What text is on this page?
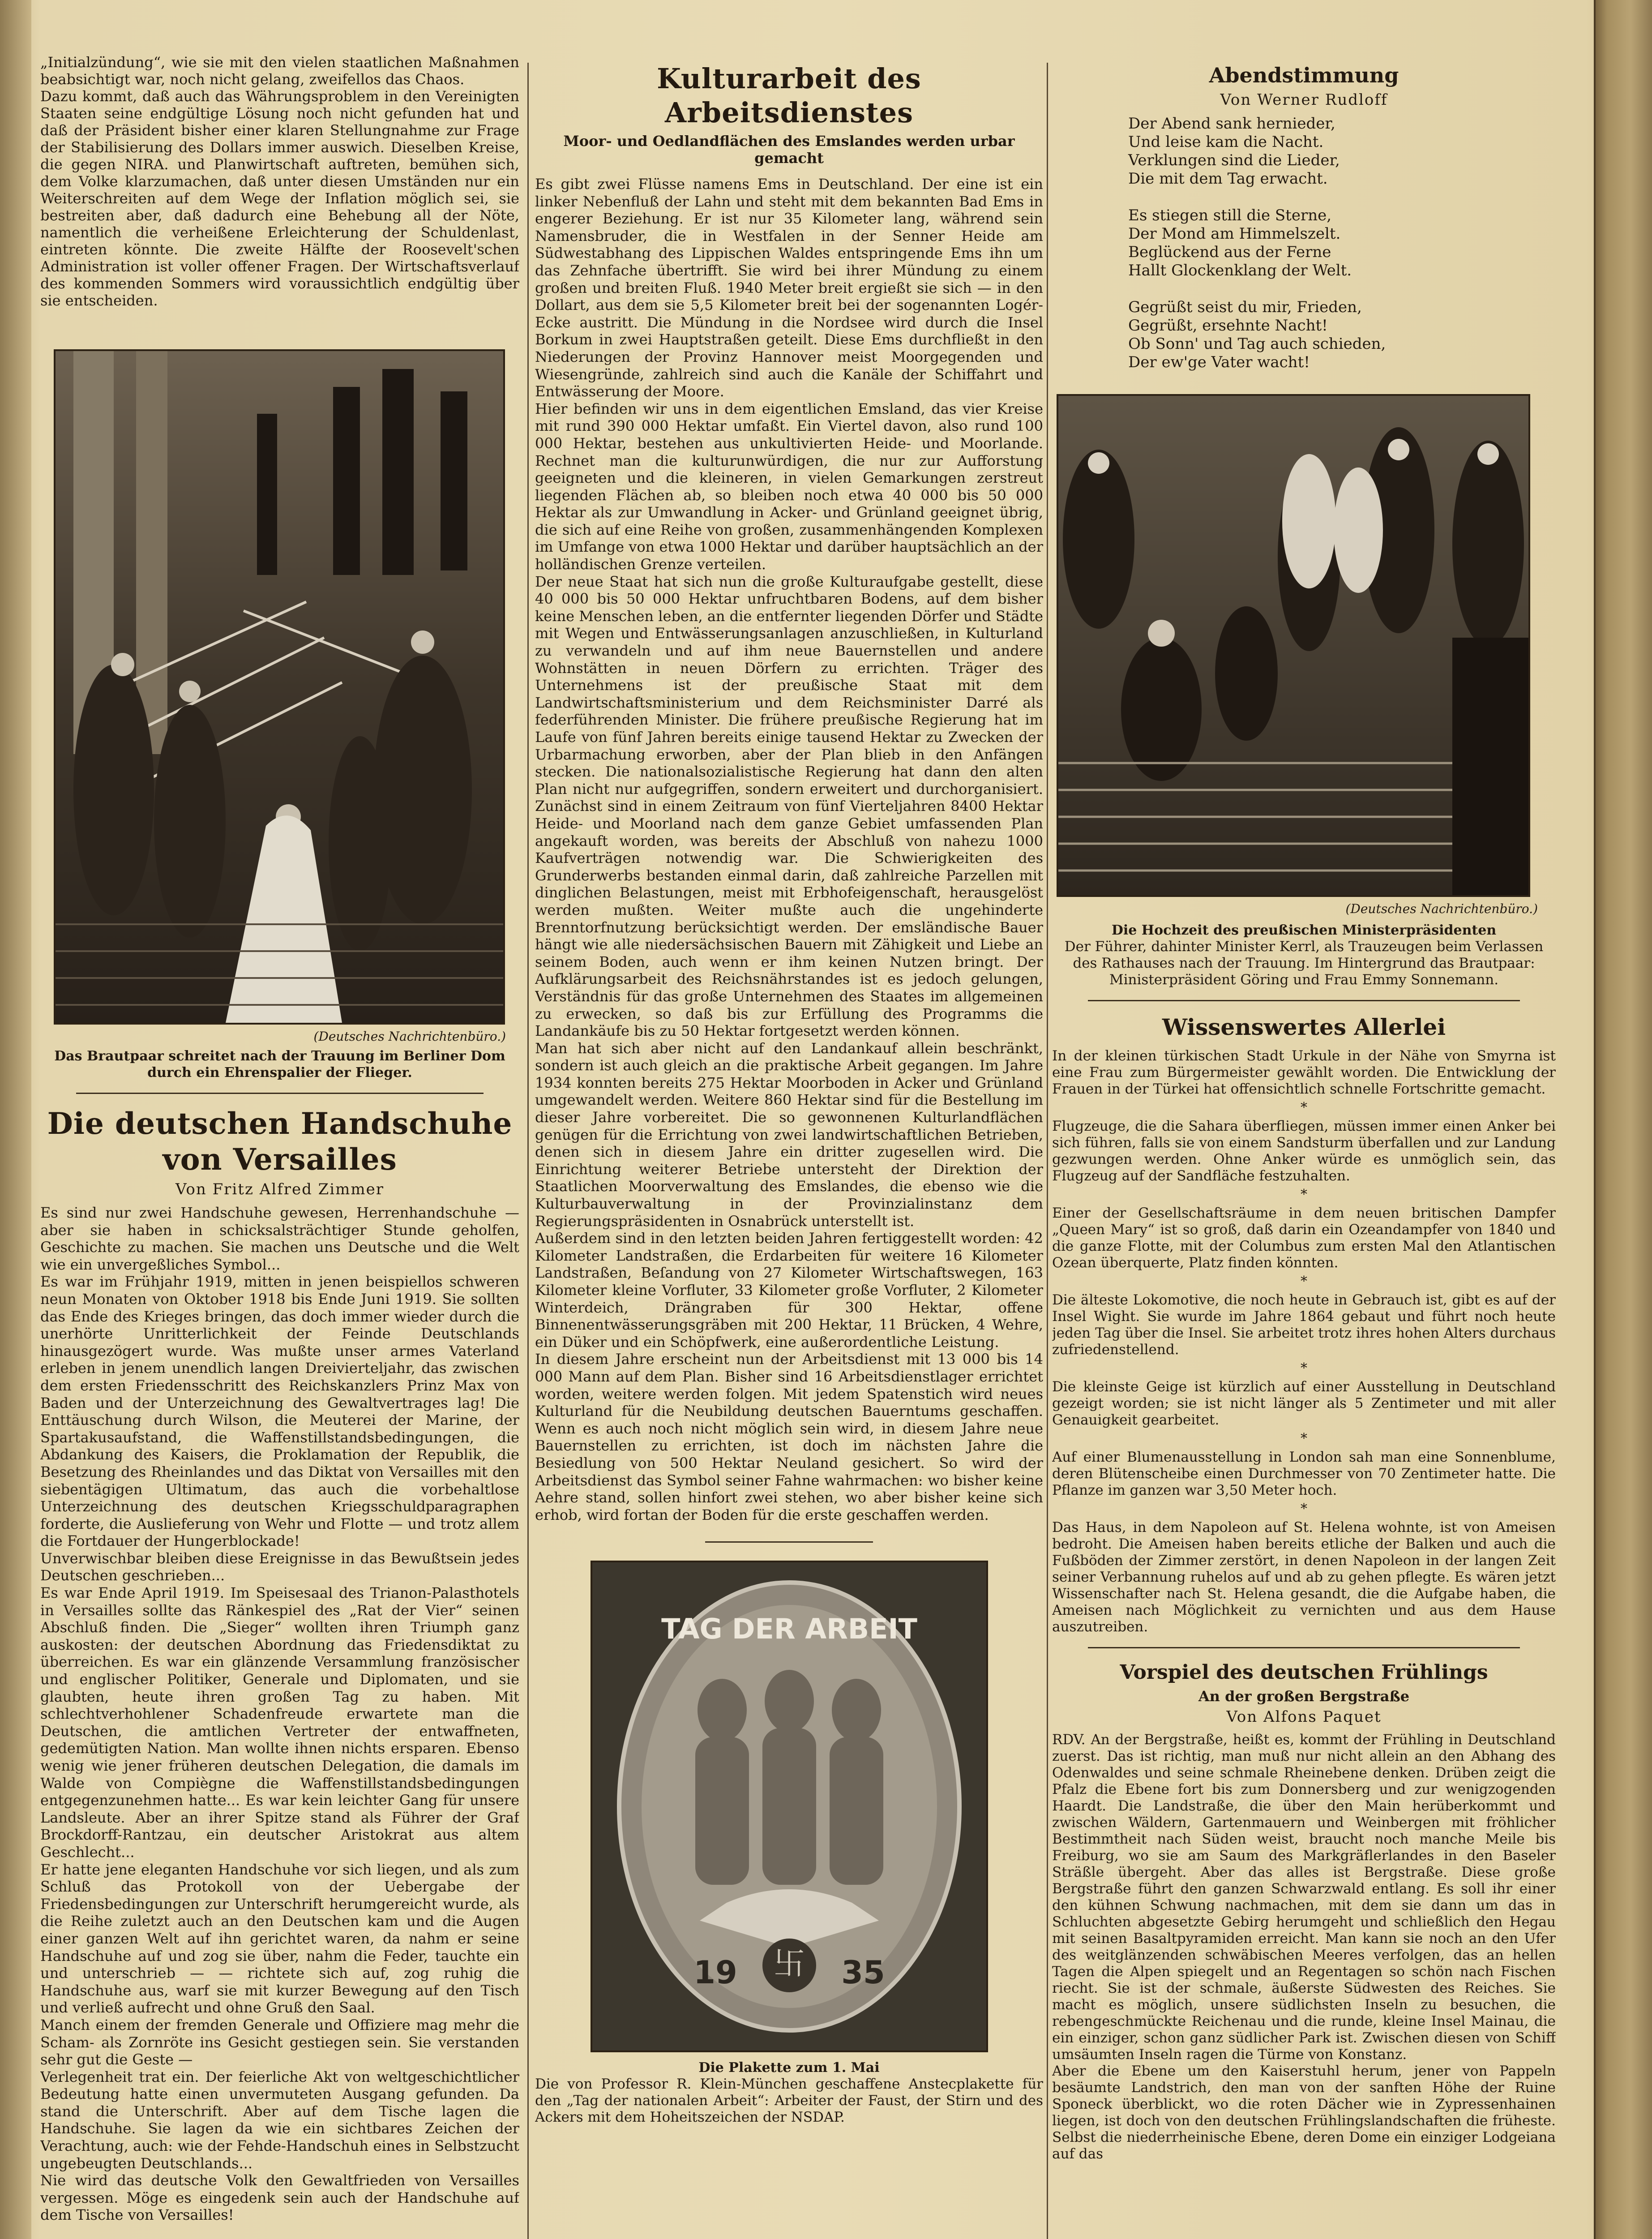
„Initialzündung“, wie sie mit den vielen staatlichen Maßnahmen beabsichtigt war, noch nicht gelang, zweifellos das Chaos.
Dazu kommt, daß auch das Währungsproblem in den Vereinigten Staaten seine endgültige Lösung noch nicht gefunden hat und daß der Präsident bisher einer klaren Stellungnahme zur Frage der Stabilisierung des Dollars immer auswich. Dieselben Kreise, die gegen NIRA. und Planwirtschaft auftreten, bemühen sich, dem Volke klarzumachen, daß unter diesen Umständen nur ein Weiterschreiten auf dem Wege der Inflation möglich sei, sie bestreiten aber, daß dadurch eine Behebung all der Nöte, namentlich die verheißene Erleichterung der Schuldenlast, eintreten könnte. Die zweite Hälfte der Roosevelt'schen Administration ist voller offener Fragen. Der Wirtschaftsverlauf des kommenden Sommers wird voraussichtlich endgültig über sie entscheiden.

(Deutsches Nachrichtenbüro.)
Das Brautpaar schreitet nach der Trauung im Berliner Dom durch ein Ehrenspalier der Flieger.
Die deutschen Handschuhe von Versailles
Von Fritz Alfred Zimmer

Es sind nur zwei Handschuhe gewesen, Herrenhandschuhe — aber sie haben in schicksalsträchtiger Stunde geholfen, Geschichte zu machen. Sie machen uns Deutsche und die Welt wie ein unvergeßliches Symbol...
Es war im Frühjahr 1919, mitten in jenen beispiellos schweren neun Monaten von Oktober 1918 bis Ende Juni 1919. Sie sollten das Ende des Krieges bringen, das doch immer wieder durch die unerhörte Unritterlichkeit der Feinde Deutschlands hinausgezögert wurde. Was mußte unser armes Vaterland erleben in jenem unendlich langen Dreivierteljahr, das zwischen dem ersten Friedensschritt des Reichskanzlers Prinz Max von Baden und der Unterzeichnung des Gewaltvertrages lag! Die Enttäuschung durch Wilson, die Meuterei der Marine, der Spartakusaufstand, die Waffenstillstandsbedingungen, die Abdankung des Kaisers, die Proklamation der Republik, die Besetzung des Rheinlandes und das Diktat von Versailles mit den siebentägigen Ultimatum, das auch die vorbehaltlose Unterzeichnung des deutschen Kriegsschuldparagraphen forderte, die Auslieferung von Wehr und Flotte — und trotz allem die Fortdauer der Hungerblockade!
Unverwischbar bleiben diese Ereignisse in das Bewußtsein jedes Deutschen geschrieben...
Es war Ende April 1919. Im Speisesaal des Trianon-Palasthotels in Versailles sollte das Ränkespiel des „Rat der Vier“ seinen Abschluß finden. Die „Sieger“ wollten ihren Triumph ganz auskosten: der deutschen Abordnung das Friedensdiktat zu überreichen. Es war ein glänzende Versammlung französischer und englischer Politiker, Generale und Diplomaten, und sie glaubten, heute ihren großen Tag zu haben. Mit schlechtverhohlener Schadenfreude erwartete man die Deutschen, die amtlichen Vertreter der entwaffneten, gedemütigten Nation. Man wollte ihnen nichts ersparen. Ebenso wenig wie jener früheren deutschen Delegation, die damals im Walde von Compiègne die Waffenstillstandsbedingungen entgegenzunehmen hatte... Es war kein leichter Gang für unsere Landsleute. Aber an ihrer Spitze stand als Führer der Graf Brockdorff-Rantzau, ein deutscher Aristokrat aus altem Geschlecht...
Er hatte jene eleganten Handschuhe vor sich liegen, und als zum Schluß das Protokoll von der Uebergabe der Friedensbedingungen zur Unterschrift herumgereicht wurde, als die Reihe zuletzt auch an den Deutschen kam und die Augen einer ganzen Welt auf ihn gerichtet waren, da nahm er seine Handschuhe auf und zog sie über, nahm die Feder, tauchte ein und unterschrieb — — richtete sich auf, zog ruhig die Handschuhe aus, warf sie mit kurzer Bewegung auf den Tisch und verließ aufrecht und ohne Gruß den Saal.
Manch einem der fremden Generale und Offiziere mag mehr die Scham- als Zornröte ins Gesicht gestiegen sein. Sie verstanden sehr gut die Geste —
Verlegenheit trat ein. Der feierliche Akt von weltgeschichtlicher Bedeutung hatte einen unvermuteten Ausgang gefunden. Da stand die Unterschrift. Aber auf dem Tische lagen die Handschuhe. Sie lagen da wie ein sichtbares Zeichen der Verachtung, auch: wie der Fehde-Handschuh eines in Selbstzucht ungebeugten Deutschlands...
Nie wird das deutsche Volk den Gewaltfrieden von Versailles vergessen. Möge es eingedenk sein auch der Handschuhe auf dem Tische von Versailles!

Kulturarbeit des Arbeitsdienstes
Moor- und Oedlandflächen des Emslandes werden urbar gemacht

Es gibt zwei Flüsse namens Ems in Deutschland. Der eine ist ein linker Nebenfluß der Lahn und steht mit dem bekannten Bad Ems in engerer Beziehung. Er ist nur 35 Kilometer lang, während sein Namensbruder, die in Westfalen in der Senner Heide am Südwestabhang des Lippischen Waldes entspringende Ems ihn um das Zehnfache übertrifft. Sie wird bei ihrer Mündung zu einem großen und breiten Fluß. 1940 Meter breit ergießt sie sich — in den Dollart, aus dem sie 5,5 Kilometer breit bei der sogenannten Logér-Ecke austritt. Die Mündung in die Nordsee wird durch die Insel Borkum in zwei Hauptstraßen geteilt. Diese Ems durchfließt in den Niederungen der Provinz Hannover meist Moorgegenden und Wiesengründe, zahlreich sind auch die Kanäle der Schiffahrt und Entwässerung der Moore.
Hier befinden wir uns in dem eigentlichen Emsland, das vier Kreise mit rund 390 000 Hektar umfaßt. Ein Viertel davon, also rund 100 000 Hektar, bestehen aus unkultivierten Heide- und Moorlande. Rechnet man die kulturunwürdigen, die nur zur Aufforstung geeigneten und die kleineren, in vielen Gemarkungen zerstreut liegenden Flächen ab, so bleiben noch etwa 40 000 bis 50 000 Hektar als zur Umwandlung in Acker- und Grünland geeignet übrig, die sich auf eine Reihe von großen, zusammenhängenden Komplexen im Umfange von etwa 1000 Hektar und darüber hauptsächlich an der holländischen Grenze verteilen.
Der neue Staat hat sich nun die große Kulturaufgabe gestellt, diese 40 000 bis 50 000 Hektar unfruchtbaren Bodens, auf dem bisher keine Menschen leben, an die entfernter liegenden Dörfer und Städte mit Wegen und Entwässerungsanlagen anzuschließen, in Kulturland zu verwandeln und auf ihm neue Bauernstellen und andere Wohnstätten in neuen Dörfern zu errichten. Träger des Unternehmens ist der preußische Staat mit dem Landwirtschaftsministerium und dem Reichsminister Darré als federführenden Minister. Die frühere preußische Regierung hat im Laufe von fünf Jahren bereits einige tausend Hektar zu Zwecken der Urbarmachung erworben, aber der Plan blieb in den Anfängen stecken. Die nationalsozialistische Regierung hat dann den alten Plan nicht nur aufgegriffen, sondern erweitert und durchorganisiert. Zunächst sind in einem Zeitraum von fünf Vierteljahren 8400 Hektar Heide- und Moorland nach dem ganze Gebiet umfassenden Plan angekauft worden, was bereits der Abschluß von nahezu 1000 Kaufverträgen notwendig war. Die Schwierigkeiten des Grunderwerbs bestanden einmal darin, daß zahlreiche Parzellen mit dinglichen Belastungen, meist mit Erbhofeigenschaft, herausgelöst werden mußten. Weiter mußte auch die ungehinderte Brenntorfnutzung berücksichtigt werden. Der emsländische Bauer hängt wie alle niedersächsischen Bauern mit Zähigkeit und Liebe an seinem Boden, auch wenn er ihm keinen Nutzen bringt. Der Aufklärungsarbeit des Reichsnährstandes ist es jedoch gelungen, Verständnis für das große Unternehmen des Staates im allgemeinen zu erwecken, so daß bis zur Erfüllung des Programms die Landankäufe bis zu 50 Hektar fortgesetzt werden können.
Man hat sich aber nicht auf den Landankauf allein beschränkt, sondern ist auch gleich an die praktische Arbeit gegangen. Im Jahre 1934 konnten bereits 275 Hektar Moorboden in Acker und Grünland umgewandelt werden. Weitere 860 Hektar sind für die Bestellung im dieser Jahre vorbereitet. Die so gewonnenen Kulturlandflächen genügen für die Errichtung von zwei landwirtschaftlichen Betrieben, denen sich in diesem Jahre ein dritter zugesellen wird. Die Einrichtung weiterer Betriebe untersteht der Direktion der Staatlichen Moorverwaltung des Emslandes, die ebenso wie die Kulturbauverwaltung in der Provinzialinstanz dem Regierungspräsidenten in Osnabrück unterstellt ist.
Außerdem sind in den letzten beiden Jahren fertiggestellt worden: 42 Kilometer Landstraßen, die Erdarbeiten für weitere 16 Kilometer Landstraßen, Beſandung von 27 Kilometer Wirtschaftswegen, 163 Kilometer kleine Vorfluter, 33 Kilometer große Vorfluter, 2 Kilometer Winterdeich, Drängraben für 300 Hektar, offene Binnenentwässerungsgräben mit 200 Hektar, 11 Brücken, 4 Wehre, ein Düker und ein Schöpfwerk, eine außerordentliche Leistung.
In diesem Jahre erscheint nun der Arbeitsdienst mit 13 000 bis 14 000 Mann auf dem Plan. Bisher sind 16 Arbeitsdienstlager errichtet worden, weitere werden folgen. Mit jedem Spatenstich wird neues Kulturland für die Neubildung deutschen Bauerntums geschaffen. Wenn es auch noch nicht möglich sein wird, in diesem Jahre neue Bauernstellen zu errichten, ist doch im nächsten Jahre die Besiedlung von 500 Hektar Neuland gesichert. So wird der Arbeitsdienst das Symbol seiner Fahne wahrmachen: wo bisher keine Aehre stand, sollen hinfort zwei stehen, wo aber bisher keine sich erhob, wird fortan der Boden für die erste geschaffen werden.

TAG DER ARBEIT
卐
19	35
Die Plakette zum 1. Mai

Die von Professor R. Klein-München geschaffene Anstecplakette für den „Tag der nationalen Arbeit“: Arbeiter der Faust, der Stirn und des Ackers mit dem Hoheitszeichen der NSDAP.

Abendstimmung
Von Werner Rudloff
Der Abend sank hernieder,
Und leise kam die Nacht.
Verklungen sind die Lieder,
Die mit dem Tag erwacht.

Es stiegen still die Sterne,
Der Mond am Himmelszelt.
Beglückend aus der Ferne
Hallt Glockenklang der Welt.

Gegrüßt seist du mir, Frieden,
Gegrüßt, ersehnte Nacht!
Ob Sonn' und Tag auch schieden,
Der ew'ge Vater wacht!
(Deutsches Nachrichtenbüro.)
Die Hochzeit des preußischen Ministerpräsidenten
Der Führer, dahinter Minister Kerrl, als Trauzeugen beim Verlassen des Rathauses nach der Trauung. Im Hintergrund das Brautpaar: Ministerpräsident Göring und Frau Emmy Sonnemann.
Wissenswertes Allerlei

In der kleinen türkischen Stadt Urkule in der Nähe von Smyrna ist eine Frau zum Bürgermeister gewählt worden. Die Entwicklung der Frauen in der Türkei hat offensichtlich schnelle Fortschritte gemacht.

*

Flugzeuge, die die Sahara überfliegen, müssen immer einen Anker bei sich führen, falls sie von einem Sandsturm überfallen und zur Landung gezwungen werden. Ohne Anker würde es unmöglich sein, das Flugzeug auf der Sandfläche festzuhalten.

*

Einer der Gesellschaftsräume in dem neuen britischen Dampfer „Queen Mary“ ist so groß, daß darin ein Ozeandampfer von 1840 und die ganze Flotte, mit der Columbus zum ersten Mal den Atlantischen Ozean überquerte, Platz finden könnten.

*

Die älteste Lokomotive, die noch heute in Gebrauch ist, gibt es auf der Insel Wight. Sie wurde im Jahre 1864 gebaut und führt noch heute jeden Tag über die Insel. Sie arbeitet trotz ihres hohen Alters durchaus zufriedenstellend.

*

Die kleinste Geige ist kürzlich auf einer Ausstellung in Deutschland gezeigt worden; sie ist nicht länger als 5 Zentimeter und mit aller Genauigkeit gearbeitet.

*

Auf einer Blumenausstellung in London sah man eine Sonnenblume, deren Blütenscheibe einen Durchmesser von 70 Zentimeter hatte. Die Pflanze im ganzen war 3,50 Meter hoch.

*

Das Haus, in dem Napoleon auf St. Helena wohnte, ist von Ameisen bedroht. Die Ameisen haben bereits etliche der Balken und auch die Fußböden der Zimmer zerstört, in denen Napoleon in der langen Zeit seiner Verbannung ruhelos auf und ab zu gehen pflegte. Es wären jetzt Wissenschafter nach St. Helena gesandt, die die Aufgabe haben, die Ameisen nach Möglichkeit zu vernichten und aus dem Hause auszutreiben.

Vorspiel des deutschen Frühlings
An der großen Bergstraße
Von Alfons Paquet

RDV. An der Bergstraße, heißt es, kommt der Frühling in Deutschland zuerst. Das ist richtig, man muß nur nicht allein an den Abhang des Odenwaldes und seine schmale Rheinebene denken. Drüben zeigt die Pfalz die Ebene fort bis zum Donnersberg und zur wenigzogenden Haardt. Die Landstraße, die über den Main herüberkommt und zwischen Wäldern, Gartenmauern und Weinbergen mit fröhlicher Bestimmtheit nach Süden weist, braucht noch manche Meile bis Freiburg, wo sie am Saum des Markgräflerlandes in den Baseler Sträßle übergeht. Aber das alles ist Bergstraße. Diese große Bergstraße führt den ganzen Schwarzwald entlang. Es soll ihr einer den kühnen Schwung nachmachen, mit dem sie dann um das in Schluchten abgesetzte Gebirg herumgeht und schließlich den Hegau mit seinen Basaltpyramiden erreicht. Man kann sie noch an den Ufer des weitglänzenden schwäbischen Meeres verfolgen, das an hellen Tagen die Alpen spiegelt und an Regentagen so schön nach Fischen riecht. Sie ist der schmale, äußerste Südwesten des Reiches. Sie macht es möglich, unsere südlichsten Inseln zu besuchen, die rebengeschmückte Reichenau und die runde, kleine Insel Mainau, die ein einziger, schon ganz südlicher Park ist. Zwischen diesen von Schiff umsäumten Inseln ragen die Türme von Konstanz.
Aber die Ebene um den Kaiserstuhl herum, jener von Pappeln besäumte Landstrich, den man von der sanften Höhe der Ruine Sponeck überblickt, wo die roten Dächer wie in Zypressenhainen liegen, ist doch von den deutschen Frühlingslandschaften die früheste. Selbst die niederrheinische Ebene, deren Dome ein einziger Lodgeiana auf das
